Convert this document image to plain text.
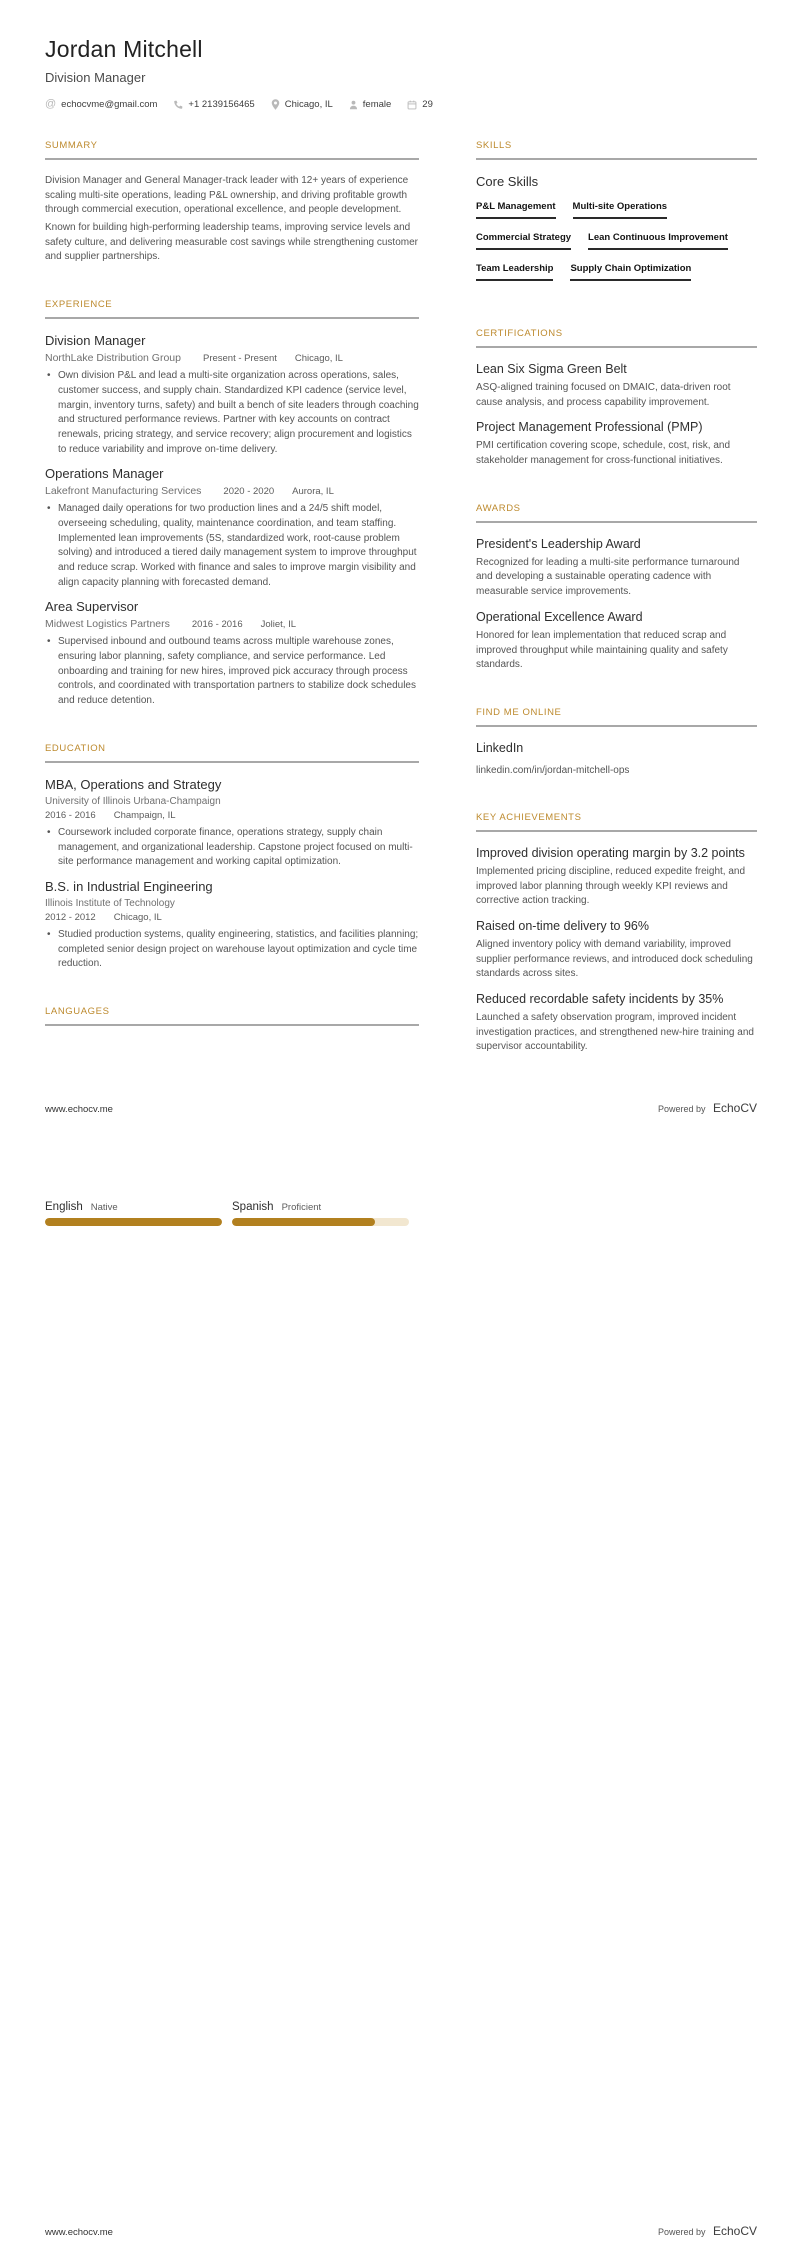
Jordan Mitchell
Division Manager
@ echocvme@gmail.com	+1 2139156465	Chicago, IL	female	29
SUMMARY

Division Manager and General Manager-track leader with 12+ years of experience scaling multi-site operations, leading P&L ownership, and driving profitable growth through commercial execution, operational excellence, and people development.

Known for building high-performing leadership teams, improving service levels and safety culture, and delivering measurable cost savings while strengthening customer and supplier partnerships.

EXPERIENCE
Division Manager
NorthLake Distribution Group Present - Present Chicago, IL
• Own division P&L and lead a multi-site organization across operations, sales, customer success, and supply chain. Standardized KPI cadence (service level, margin, inventory turns, safety) and built a bench of site leaders through coaching and structured performance reviews. Partner with key accounts on contract renewals, pricing strategy, and service recovery; align procurement and logistics to reduce variability and improve on-time delivery.
Operations Manager
Lakefront Manufacturing Services 2020 - 2020 Aurora, IL
• Managed daily operations for two production lines and a 24/5 shift model, overseeing scheduling, quality, maintenance coordination, and team staffing. Implemented lean improvements (5S, standardized work, root-cause problem solving) and introduced a tiered daily management system to improve throughput and reduce scrap. Worked with finance and sales to improve margin visibility and align capacity planning with forecasted demand.
Area Supervisor
Midwest Logistics Partners 2016 - 2016 Joliet, IL
• Supervised inbound and outbound teams across multiple warehouse zones, ensuring labor planning, safety compliance, and service performance. Led onboarding and training for new hires, improved pick accuracy through process controls, and coordinated with transportation partners to stabilize dock schedules and reduce detention.
EDUCATION
MBA, Operations and Strategy
University of Illinois Urbana-Champaign
2016 - 2016 Champaign, IL
• Coursework included corporate finance, operations strategy, supply chain management, and organizational leadership. Capstone project focused on multi-site performance management and working capital optimization.
B.S. in Industrial Engineering
Illinois Institute of Technology
2012 - 2012 Chicago, IL
• Studied production systems, quality engineering, statistics, and facilities planning; completed senior design project on warehouse layout optimization and cycle time reduction.
LANGUAGES
SKILLS
Core Skills
P&L Management Multi-site Operations
Commercial Strategy Lean Continuous Improvement
Team Leadership Supply Chain Optimization
CERTIFICATIONS
Lean Six Sigma Green Belt
ASQ-aligned training focused on DMAIC, data-driven root cause analysis, and process capability improvement.
Project Management Professional (PMP)
PMI certification covering scope, schedule, cost, risk, and stakeholder management for cross-functional initiatives.
AWARDS
President's Leadership Award
Recognized for leading a multi-site performance turnaround and developing a sustainable operating cadence with measurable service improvements.
Operational Excellence Award
Honored for lean implementation that reduced scrap and improved throughput while maintaining quality and safety standards.
FIND ME ONLINE
LinkedIn
linkedin.com/in/jordan-mitchell-ops
KEY ACHIEVEMENTS
Improved division operating margin by 3.2 points
Implemented pricing discipline, reduced expedite freight, and improved labor planning through weekly KPI reviews and corrective action tracking.
Raised on-time delivery to 96%
Aligned inventory policy with demand variability, improved supplier performance reviews, and introduced dock scheduling standards across sites.
Reduced recordable safety incidents by 35%
Launched a safety observation program, improved incident investigation practices, and strengthened new-hire training and supervisor accountability.
www.echocv.me	Powered by EchoCV
English Native	Spanish Proficient
www.echocv.me	Powered by EchoCV
